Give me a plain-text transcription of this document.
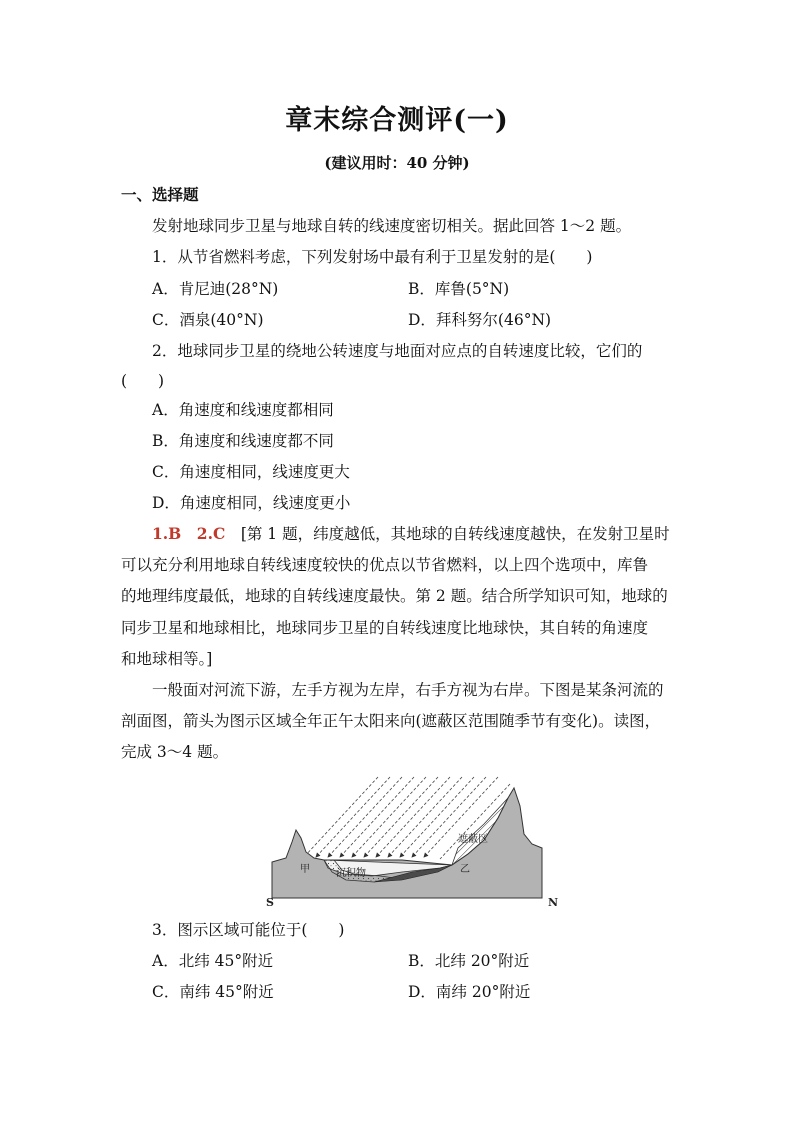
章末综合测评(一)
(建议用时：40 分钟)
一、选择题
发射地球同步卫星与地球自转的线速度密切相关。据此回答 1～2 题。
1．从节省燃料考虑，下列发射场中最有利于卫星发射的是(　　)
A．肯尼迪(28°N)	B．库鲁(5°N)
C．酒泉(40°N)	D．拜科努尔(46°N)
2．地球同步卫星的绕地公转速度与地面对应点的自转速度比较，它们的
(　　)
A．角速度和线速度都相同
B．角速度和线速度都不同
C．角速度相同，线速度更大
D．角速度相同，线速度更小
1.B　2.C　[第 1 题，纬度越低，其地球的自转线速度越快，在发射卫星时
可以充分利用地球自转线速度较快的优点以节省燃料，以上四个选项中，库鲁
的地理纬度最低，地球的自转线速度最快。第 2 题。结合所学知识可知，地球的
同步卫星和地球相比，地球同步卫星的自转线速度比地球快，其自转的角速度
和地球相等。]
一般面对河流下游，左手方视为左岸，右手方视为右岸。下图是某条河流的
剖面图，箭头为图示区域全年正午太阳来向(遮蔽区范围随季节有变化)。读图，
完成 3～4 题。
甲	乙
沉积物
遮蔽区
S	N
3．图示区域可能位于(　　)
A．北纬 45°附近	B．北纬 20°附近
C．南纬 45°附近	D．南纬 20°附近
